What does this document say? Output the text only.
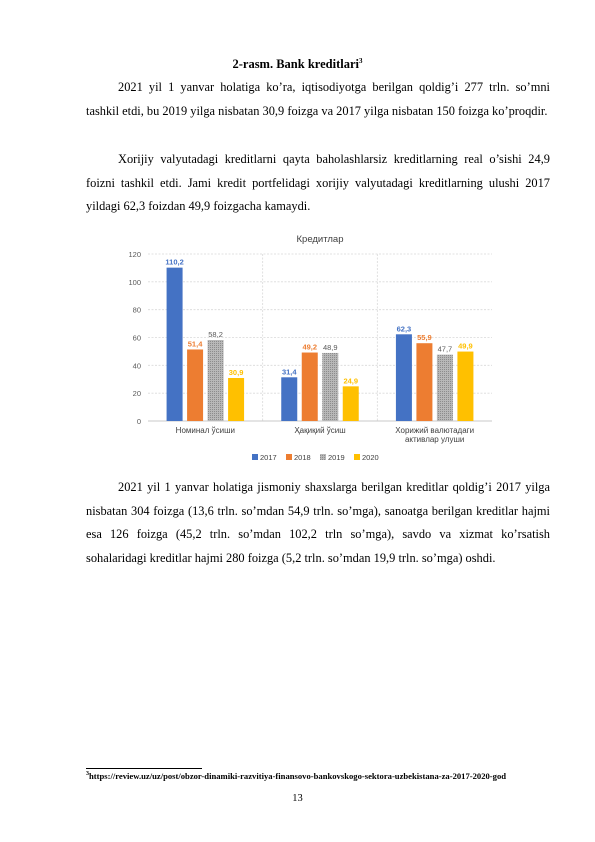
2-rasm. Bank kreditlari$^3$

2021 yil 1 yanvar holatiga ko’ra, iqtisodiyotga berilgan qoldig’i 277 trln. so’mni tashkil etdi, bu 2019 yilga nisbatan 30,9 foizga va 2017 yilga nisbatan 150 foizga ko’proqdir.

Xorijiy valyutadagi kreditlarni qayta baholashlarsiz kreditlarning real o’sishi 24,9 foizni tashkil etdi. Jami kredit portfelidagi xorijiy valyutadagi kreditlarning ulushi 2017 yildagi 62,3 foizdan 49,9 foizgacha kamaydi.

Кредитлар
0
20
40
60
80
100
120
110,2
51,4
58,2
30,9
Номинал ўсиши
31,4
49,2 48,9
24,9
Ҳақиқий ўсиш
62,3
55,9
47,7 49,9
Хорижий валютадаги
активлар улуши
2017 2018 2019 2020

2021 yil 1 yanvar holatiga jismoniy shaxslarga berilgan kreditlar qoldig’i 2017 yilga nisbatan 304 foizga (13,6 trln. so’mdan 54,9 trln. so’mga), sanoatga berilgan kreditlar hajmi esa 126 foizga (45,2 trln. so’mdan 102,2 trln so’mga), savdo va xizmat ko’rsatish sohalaridagi kreditlar hajmi 280 foizga (5,2 trln. so’mdan 19,9 trln. so’mga) oshdi.

$^3$https://review.uz/uz/post/obzor-dinamiki-razvitiya-finansovo-bankovskogo-sektora-uzbekistana-za-2017-2020-god
13
